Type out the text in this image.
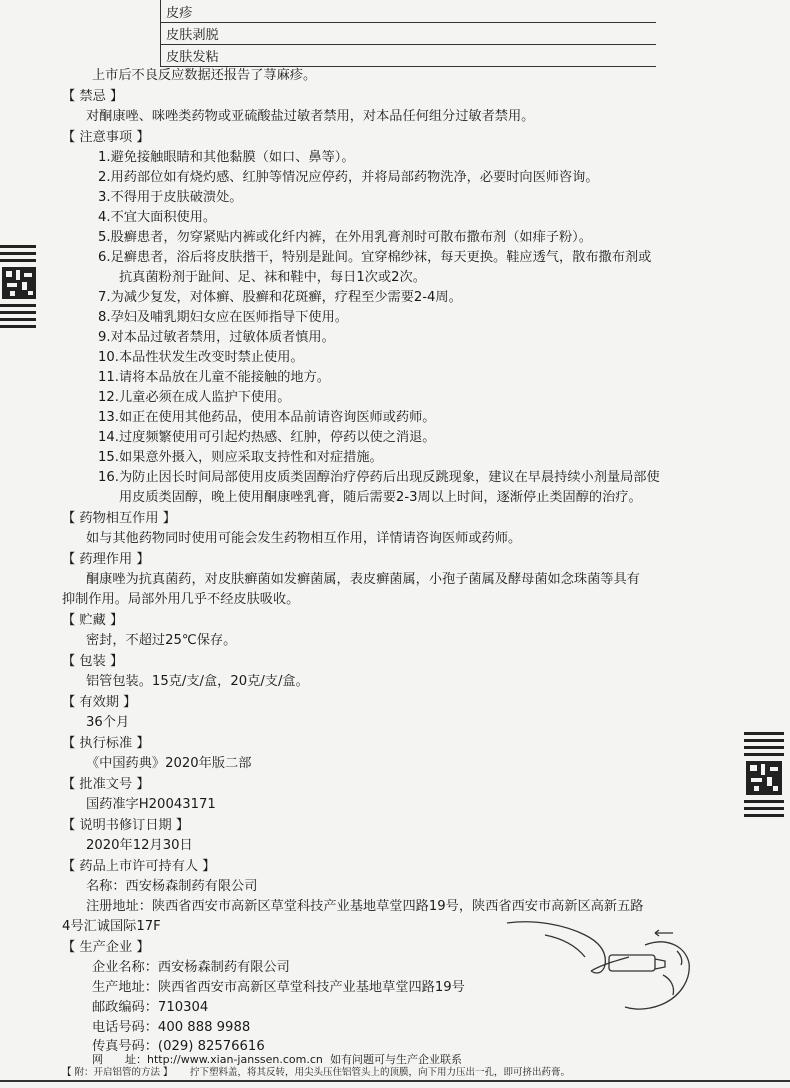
皮疹
皮肤剥脱
皮肤发粘
上市后不良反应数据还报告了荨麻疹。
【 禁忌 】
对酮康唑、咪唑类药物或亚硫酸盐过敏者禁用，对本品任何组分过敏者禁用。
【 注意事项 】
1.避免接触眼睛和其他黏膜（如口、鼻等）。
2.用药部位如有烧灼感、红肿等情况应停药，并将局部药物洗净，必要时向医师咨询。
3.不得用于皮肤破溃处。
4.不宜大面积使用。
5.股癣患者，勿穿紧贴内裤或化纤内裤，在外用乳膏剂时可散布撒布剂（如痱子粉）。
6.足癣患者，浴后将皮肤揩干，特别是趾间。宜穿棉纱袜，每天更换。鞋应透气，散布撒布剂或
抗真菌粉剂于趾间、足、袜和鞋中，每日1次或2次。
7.为减少复发，对体癣、股癣和花斑癣，疗程至少需要2-4周。
8.孕妇及哺乳期妇女应在医师指导下使用。
9.对本品过敏者禁用，过敏体质者慎用。
10.本品性状发生改变时禁止使用。
11.请将本品放在儿童不能接触的地方。
12.儿童必须在成人监护下使用。
13.如正在使用其他药品，使用本品前请咨询医师或药师。
14.过度频繁使用可引起灼热感、红肿，停药以使之消退。
15.如果意外摄入，则应采取支持性和对症措施。
16.为防止因长时间局部使用皮质类固醇治疗停药后出现反跳现象，建议在早晨持续小剂量局部使
用皮质类固醇，晚上使用酮康唑乳膏，随后需要2-3周以上时间，逐渐停止类固醇的治疗。
【 药物相互作用 】
如与其他药物同时使用可能会发生药物相互作用，详情请咨询医师或药师。
【 药理作用 】
酮康唑为抗真菌药，对皮肤癣菌如发癣菌属，表皮癣菌属，小孢子菌属及酵母菌如念珠菌等具有
抑制作用。局部外用几乎不经皮肤吸收。
【 贮藏 】
密封，不超过25℃保存。
【 包装 】
铝管包装。15克/支/盒，20克/支/盒。
【 有效期 】
36个月
【 执行标准 】
《中国药典》2020年版二部
【 批准文号 】
国药准字H20043171
【 说明书修订日期 】
2020年12月30日
【 药品上市许可持有人 】
名称：西安杨森制药有限公司
注册地址：陕西省西安市高新区草堂科技产业基地草堂四路19号，陕西省西安市高新区高新五路
4号汇诚国际17F
【 生产企业 】
企业名称：西安杨森制药有限公司
生产地址：陕西省西安市高新区草堂科技产业基地草堂四路19号
邮政编码：710304
电话号码：400 888 9988
传真号码：(029) 82576616
网　　址：http://www.xian-janssen.com.cn 如有问题可与生产企业联系
【 附：开启铝管的方法 】 拧下塑料盖，将其反转，用尖头压住铝管头上的顶膜，向下用力压出一孔，即可挤出药膏。
